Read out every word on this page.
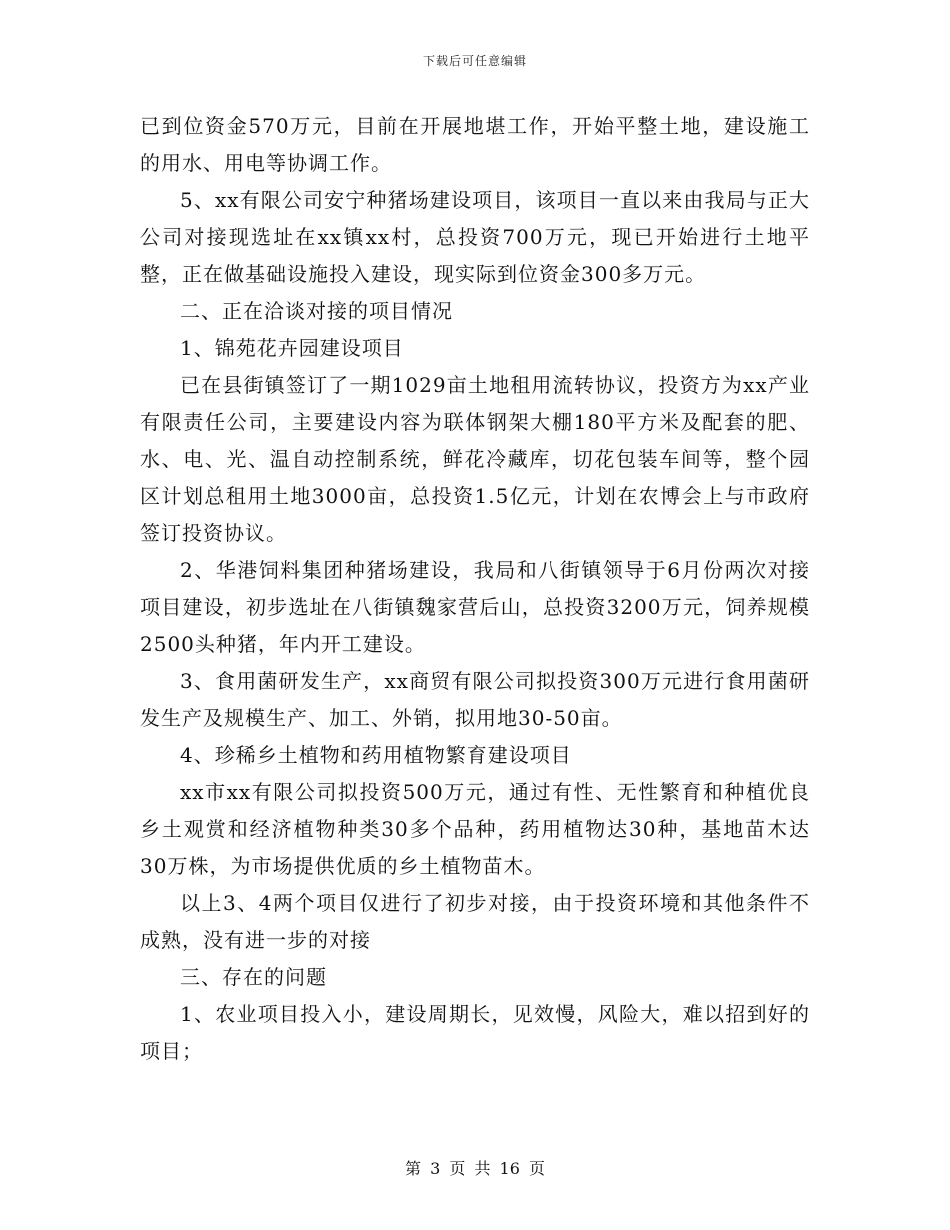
下载后可任意编辑

已到位资金570万元，目前在开展地堪工作，开始平整土地，建设施工的用水、用电等协调工作。

5、xx有限公司安宁种猪场建设项目，该项目一直以来由我局与正大公司对接现选址在xx镇xx村，总投资700万元，现已开始进行土地平整，正在做基础设施投入建设，现实际到位资金300多万元。

二、正在洽谈对接的项目情况

1、锦苑花卉园建设项目

已在县街镇签订了一期1029亩土地租用流转协议，投资方为xx产业有限责任公司，主要建设内容为联体钢架大棚180平方米及配套的肥、水、电、光、温自动控制系统，鲜花冷藏库，切花包装车间等，整个园区计划总租用土地3000亩，总投资1.5亿元，计划在农博会上与市政府签订投资协议。

2、华港饲料集团种猪场建设，我局和八街镇领导于6月份两次对接项目建设，初步选址在八街镇魏家营后山，总投资3200万元，饲养规模2500头种猪，年内开工建设。

3、食用菌研发生产，xx商贸有限公司拟投资300万元进行食用菌研发生产及规模生产、加工、外销，拟用地30-50亩。

4、珍稀乡土植物和药用植物繁育建设项目

xx市xx有限公司拟投资500万元，通过有性、无性繁育和种植优良乡土观赏和经济植物种类30多个品种，药用植物达30种，基地苗木达30万株，为市场提供优质的乡土植物苗木。

以上3、4两个项目仅进行了初步对接，由于投资环境和其他条件不成熟，没有进一步的对接

三、存在的问题

1、农业项目投入小，建设周期长，见效慢，风险大，难以招到好的项目；

第 3 页 共 16 页
